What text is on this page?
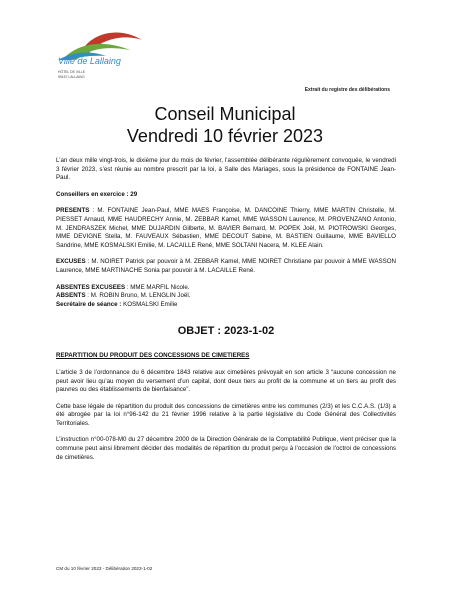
Ville de Lallaing
HÔTEL DE VILLE
59167 LALLAING
Extrait du registre des délibérations
Conseil Municipal
Vendredi 10 février 2023

L’an deux mille vingt-trois, le dixième jour du mois de février, l’assemblée délibérante régulièrement convoquée, le vendredi 3 février 2023, s’est réunie au nombre prescrit par la loi, à Salle des Mariages, sous la présidence de FONTAINE Jean-Paul.

Conseillers en exercice : 29

PRESENTS : M. FONTAINE Jean-Paul, MME MAES Françoise, M. DANCOINE Thierry, MME MARTIN Christelle, M. PIESSET Arnaud, MME HAUDRECHY Annie, M. ZEBBAR Kamel, MME WASSON Laurence, M. PROVENZANO Antonio, M. JENDRASZEK Michel, MME DUJARDIN Gilberte, M. BAVIER Bernard, M. POPEK Joël, M. PIOTROWSKI Georges, MME DEVIGNE Stella, M. FAUVEAUX Sébastien, MME DECOUT Sabine, M. BASTIEN Guillaume, MME BAVIELLO Sandrine, MME KOSMALSKI Emilie, M. LACAILLE René, MME SOLTANI Nacera, M. KLEE Alain.

EXCUSES : M. NOIRET Patrick par pouvoir à M. ZEBBAR Kamel, MME NOIRET Christiane par pouvoir à MME WASSON Laurence, MME MARTINACHE Sonia par pouvoir à M. LACAILLE René.

ABSENTES EXCUSEES : MME MARFIL Nicole.

ABSENTS : M. ROBIN Bruno, M. LENGLIN Joël.

Secrétaire de séance : KOSMALSKI Emilie

OBJET : 2023-1-02

REPARTITION DU PRODUIT DES CONCESSIONS DE CIMETIERES

L’article 3 de l’ordonnance du 6 décembre 1843 relative aux cimetières prévoyait en son article 3 “aucune concession ne peut avoir lieu qu’au moyen du versement d’un capital, dont deux tiers au profit de la commune et un tiers au profit des pauvres ou des établissements de bienfaisance”.

Cette base légale de répartition du produit des concessions de cimetières entre les communes (2/3) et les C.C.A.S. (1/3) a été abrogée par la loi n°96-142 du 21 février 1996 relative à la partie législative du Code Général des Collectivités Territoriales.

L’instruction n°00-078-M0 du 27 décembre 2000 de la Direction Générale de la Comptabilité Publique, vient préciser que la commune peut ainsi librement décider des modalités de répartition du produit perçu à l’occasion de l’octroi de concessions de cimetières.

CM du 10 février 2023 - Délibération 2023-1-02
